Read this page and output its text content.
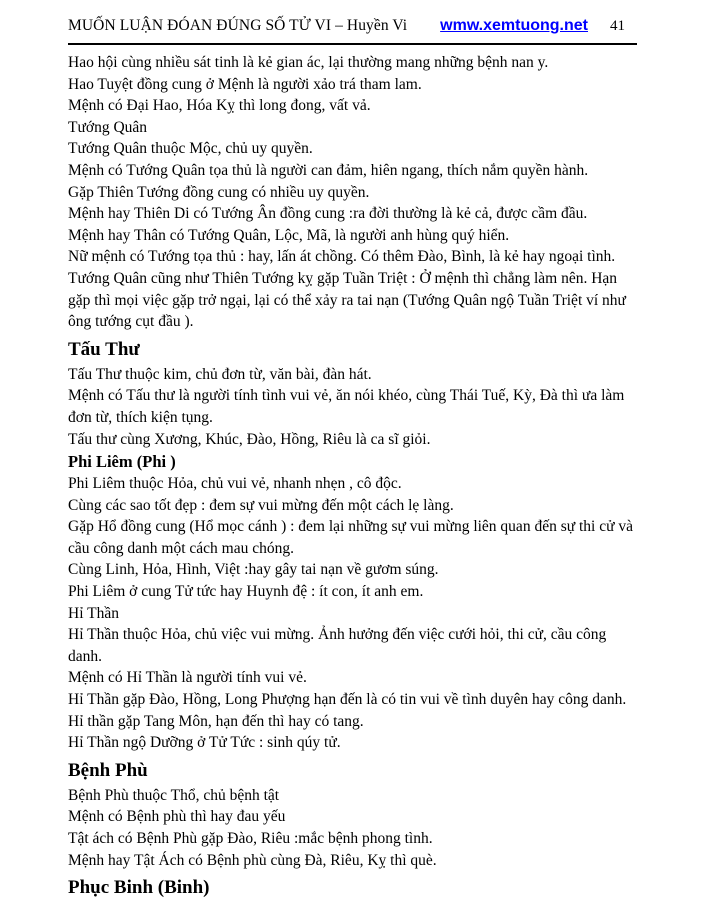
MUỐN LUẬN ĐÓAN ĐÚNG SỐ TỬ VI – Huyền Vi wmw.xemtuong.net 41

Hao hội cùng nhiều sát tinh là kẻ gian ác, lại thường mang những bệnh nan y.

Hao Tuyệt đồng cung ở Mệnh là người xảo trá tham lam.

Mệnh có Đại Hao, Hóa Kỵ thì long đong, vất vả.

Tướng Quân

Tướng Quân thuộc Mộc, chủ uy quyền.

Mệnh có Tướng Quân tọa thủ là người can đảm, hiên ngang, thích nắm quyền hành.

Gặp Thiên Tướng đồng cung có nhiều uy quyền.

Mệnh hay Thiên Di có Tướng Ân đồng cung :ra đời thường là kẻ cả, được cầm đầu.

Mệnh hay Thân có Tướng Quân, Lộc, Mã, là người anh hùng quý hiển.

Nữ mệnh có Tướng tọa thủ : hay, lấn át chồng. Có thêm Đào, Bình, là kẻ hay ngoại tình.

Tướng Quân cũng như Thiên Tướng kỵ gặp Tuần Triệt : Ở mệnh thì chẳng làm nên. Hạn gặp thì mọi việc gặp trở ngại, lại có thể xảy ra tai nạn (Tướng Quân ngộ Tuần Triệt ví như ông tướng cụt đầu ).

Tấu Thư

Tấu Thư thuộc kim, chủ đơn từ, văn bài, đàn hát.

Mệnh có Tấu thư là người tính tình vui vẻ, ăn nói khéo, cùng Thái Tuế, Kỳ, Đà thì ưa làm đơn từ, thích kiện tụng.

Tấu thư cùng Xương, Khúc, Đào, Hồng, Riêu là ca sĩ giỏi.

Phi Liêm (Phi )

Phi Liêm thuộc Hỏa, chủ vui vẻ, nhanh nhẹn , cô độc.

Cùng các sao tốt đẹp : đem sự vui mừng đến một cách lẹ làng.

Gặp Hổ đồng cung (Hổ mọc cánh ) : đem lại những sự vui mừng liên quan đến sự thi cử và cầu công danh một cách mau chóng.

Cùng Linh, Hỏa, Hình, Việt :hay gây tai nạn về gươm súng.

Phi Liêm ở cung Tử tức hay Huynh đệ : ít con, ít anh em.

Hỉ Thần

Hỉ Thần thuộc Hỏa, chủ việc vui mừng. Ảnh hưởng đến việc cưới hỏi, thi cử, cầu công danh.

Mệnh có Hỉ Thần là người tính vui vẻ.

Hỉ Thần gặp Đào, Hồng, Long Phượng hạn đến là có tin vui về tình duyên hay công danh.

Hỉ thần gặp Tang Môn, hạn đến thì hay có tang.

Hỉ Thần ngộ Dưỡng ở Tử Tức : sinh qúy tử.

Bệnh Phù

Bệnh Phù thuộc Thổ, chủ bệnh tật

Mệnh có Bệnh phù thì hay đau yếu

Tật ách có Bệnh Phù gặp Đào, Riêu :mắc bệnh phong tình.

Mệnh hay Tật Ách có Bệnh phù cùng Đà, Riêu, Kỵ thì què.

Phục Binh (Binh)
